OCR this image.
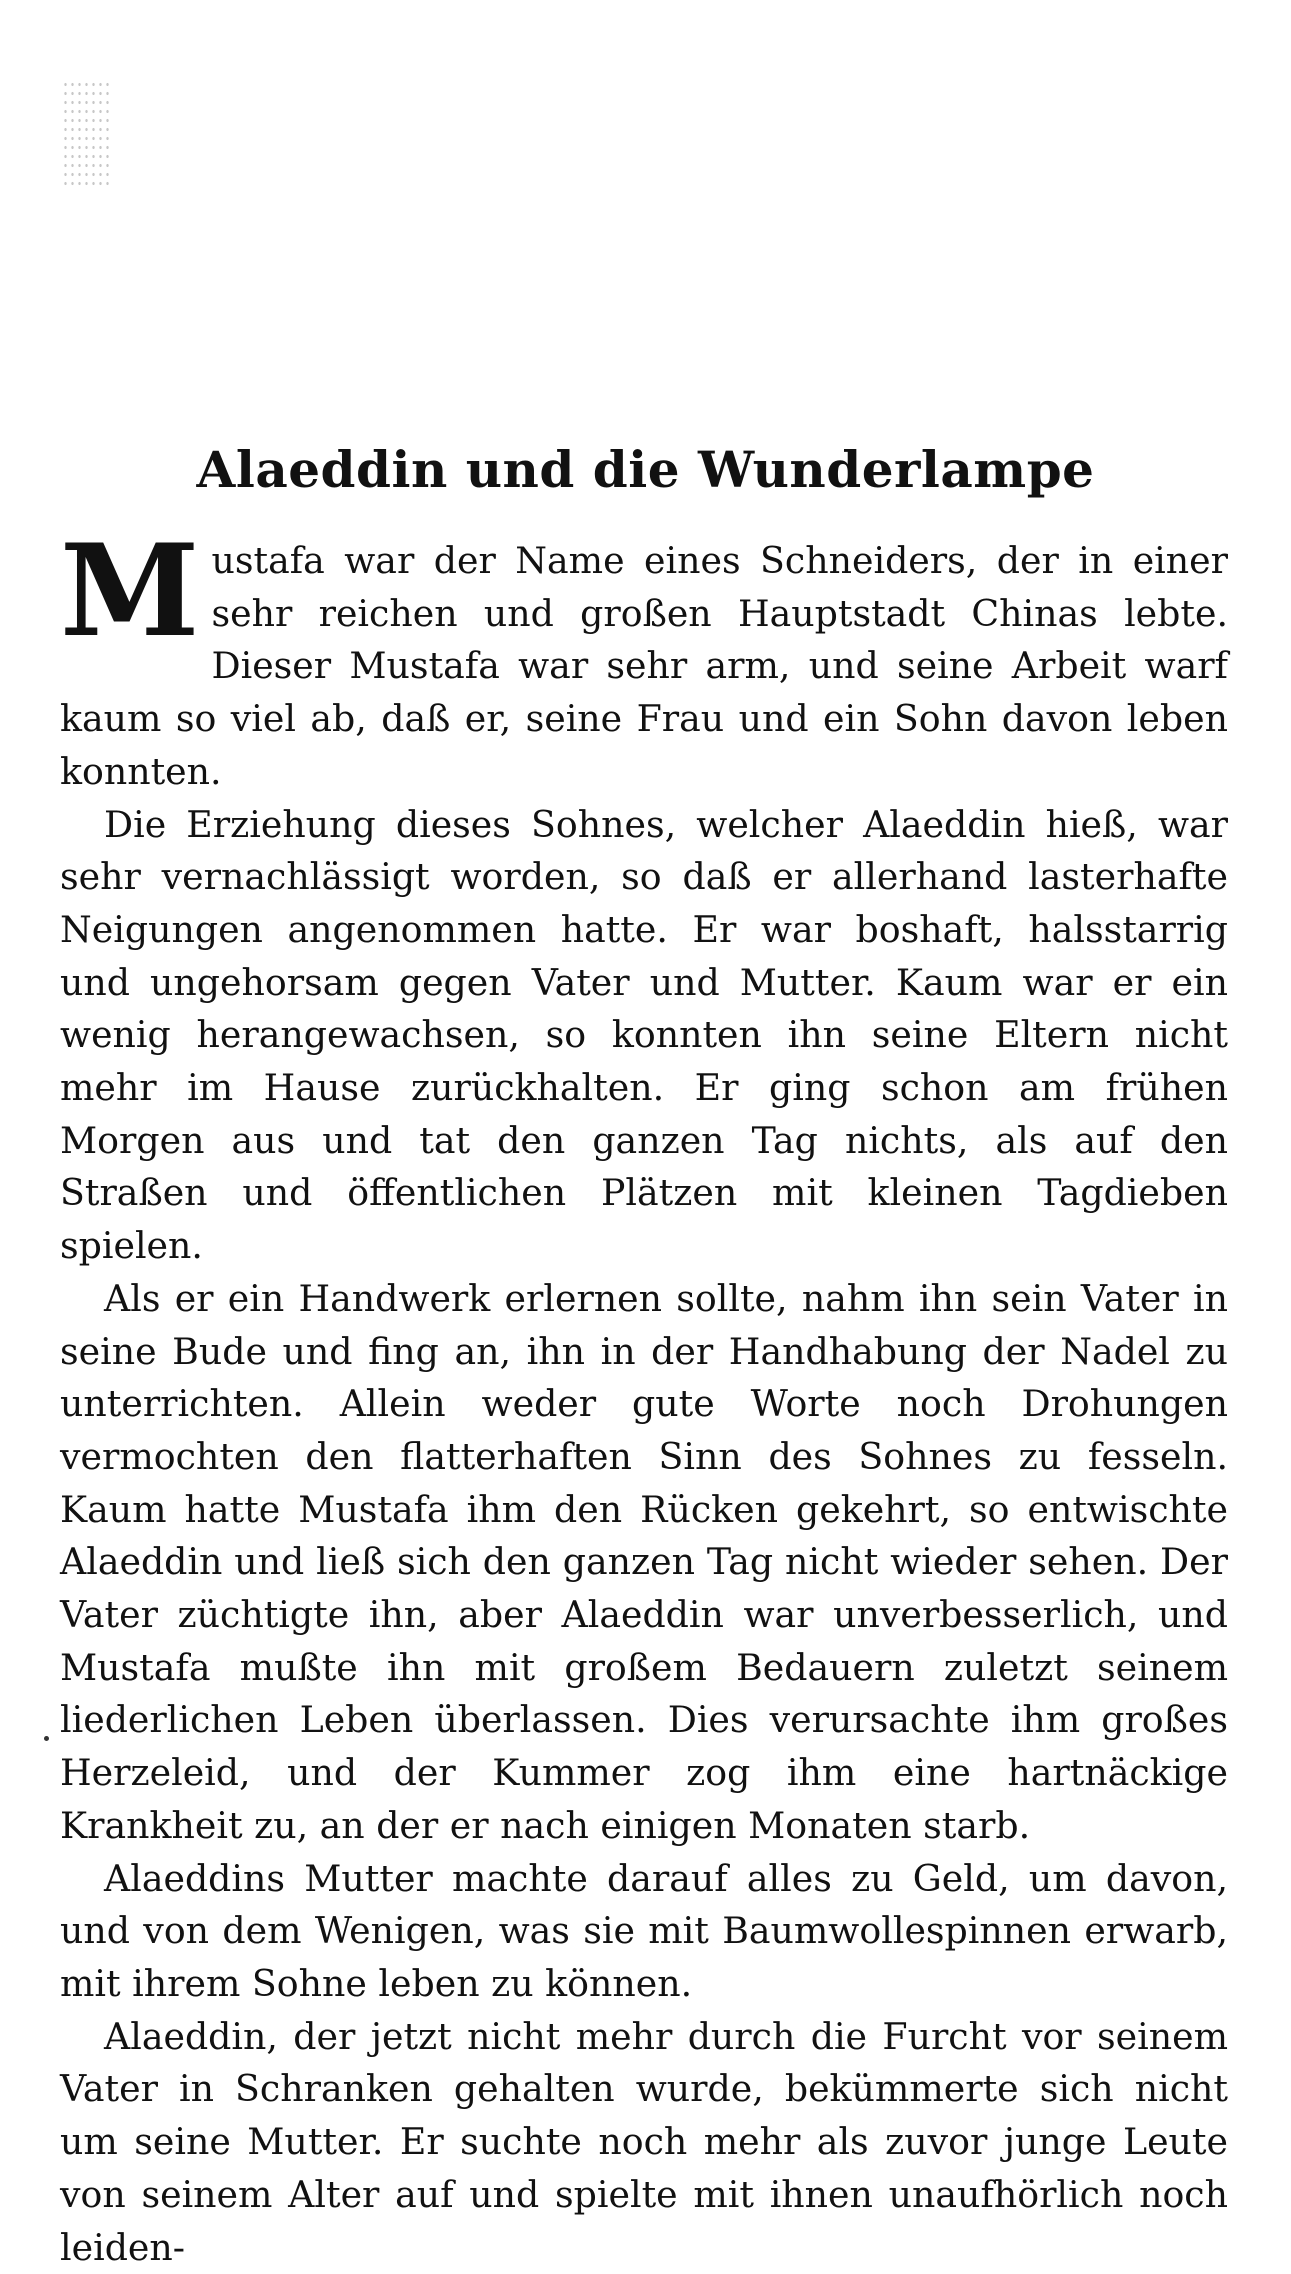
Alaeddin und die Wunderlampe

Mustafa war der Name eines Schneiders, der in einer sehr reichen und großen Hauptstadt Chinas lebte. Dieser Mustafa war sehr arm, und seine Arbeit warf kaum so viel ab, daß er, seine Frau und ein Sohn davon leben konnten.

Die Erziehung dieses Sohnes, welcher Alaeddin hieß, war sehr vernachlässigt worden, so daß er allerhand lasterhafte Neigungen angenommen hatte. Er war boshaft, halsstarrig und ungehorsam gegen Vater und Mutter. Kaum war er ein wenig herangewachsen, so konnten ihn seine Eltern nicht mehr im Hause zurückhalten. Er ging schon am frühen Morgen aus und tat den ganzen Tag nichts, als auf den Straßen und öffentlichen Plätzen mit kleinen Tagdieben spielen.

Als er ein Handwerk erlernen sollte, nahm ihn sein Vater in seine Bude und fing an, ihn in der Handhabung der Nadel zu unterrichten. Allein weder gute Worte noch Drohungen vermochten den flatterhaften Sinn des Sohnes zu fesseln. Kaum hatte Mustafa ihm den Rücken gekehrt, so entwischte Alaeddin und ließ sich den ganzen Tag nicht wieder sehen. Der Vater züchtigte ihn, aber Alaeddin war unverbesserlich, und Mustafa mußte ihn mit großem Bedauern zuletzt seinem liederlichen Leben überlassen. Dies verursachte ihm großes Herzeleid, und der Kummer zog ihm eine hartnäckige Krankheit zu, an der er nach einigen Monaten starb.

Alaeddins Mutter machte darauf alles zu Geld, um davon, und von dem Wenigen, was sie mit Baumwollespinnen erwarb, mit ihrem Sohne leben zu können.

Alaeddin, der jetzt nicht mehr durch die Furcht vor seinem Vater in Schranken gehalten wurde, bekümmerte sich nicht um seine Mutter. Er suchte noch mehr als zuvor junge Leute von seinem Alter auf und spielte mit ihnen unaufhörlich noch leiden-
